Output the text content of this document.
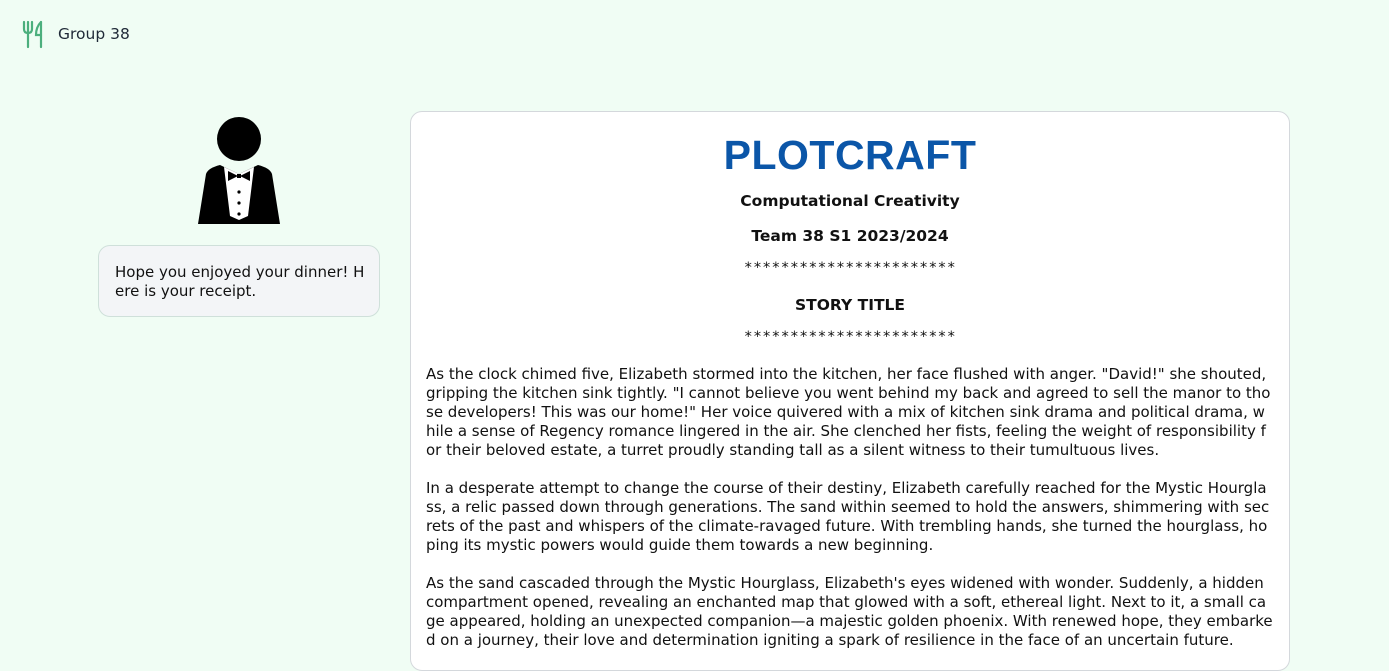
Group 38
Hope you enjoyed your dinner! Here is your receipt.
PLOTCRAFT
Computational Creativity
Team 38 S1 2023/2024
***********************
STORY TITLE
***********************

As the clock chimed five, Elizabeth stormed into the kitchen, her face flushed with anger. "David!" she shouted, gripping the kitchen sink tightly. "I cannot believe you went behind my back and agreed to sell the manor to those developers! This was our home!" Her voice quivered with a mix of kitchen sink drama and political drama, while a sense of Regency romance lingered in the air. She clenched her fists, feeling the weight of responsibility for their beloved estate, a turret proudly standing tall as a silent witness to their tumultuous lives.

In a desperate attempt to change the course of their destiny, Elizabeth carefully reached for the Mystic Hourglass, a relic passed down through generations. The sand within seemed to hold the answers, shimmering with secrets of the past and whispers of the climate-ravaged future. With trembling hands, she turned the hourglass, hoping its mystic powers would guide them towards a new beginning.

As the sand cascaded through the Mystic Hourglass, Elizabeth's eyes widened with wonder. Suddenly, a hidden compartment opened, revealing an enchanted map that glowed with a soft, ethereal light. Next to it, a small cage appeared, holding an unexpected companion—a majestic golden phoenix. With renewed hope, they embarked on a journey, their love and determination igniting a spark of resilience in the face of an uncertain future.
